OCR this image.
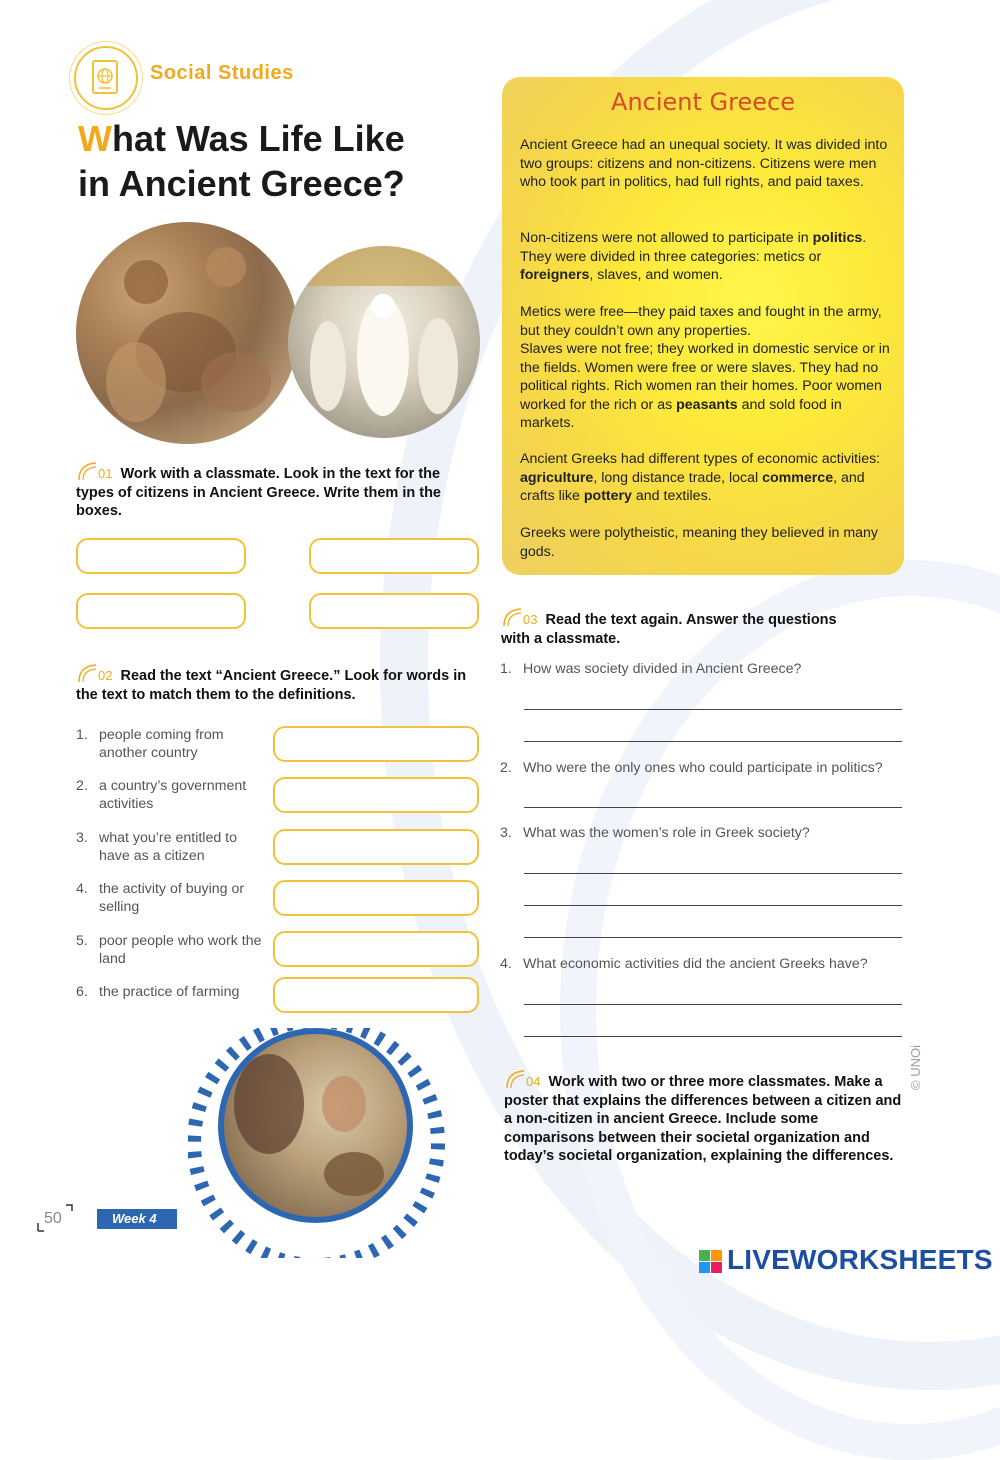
Social Studies
What Was Life Like
in Ancient Greece?
Ancient Greece
Ancient Greece had an unequal society. It was divided into two groups: citizens and non-citizens. Citizens were men who took part in politics, had full rights, and paid taxes.
Non-citizens were not allowed to participate in politics. They were divided in three categories: metics or foreigners, slaves, and women.
Metics were free—they paid taxes and fought in the army, but they couldn’t own any properties.
Slaves were not free; they worked in domestic service or in the fields. Women were free or were slaves. They had no political rights. Rich women ran their homes. Poor women worked for the rich or as peasants and sold food in markets.
Ancient Greeks had different types of economic activities: agriculture, long distance trade, local commerce, and crafts like pottery and textiles.
Greeks were polytheistic, meaning they believed in many gods.
01 Work with a classmate. Look in the text for the types of citizens in Ancient Greece. Write them in the boxes.
02 Read the text “Ancient Greece.” Look for words in the text to match them to the definitions.
1. people coming from another country
2. a country’s government activities
3. what you’re entitled to have as a citizen
4. the activity of buying or selling
5. poor people who work the land
6. the practice of farming
03 Read the text again. Answer the questions with a classmate.
1. How was society divided in Ancient Greece?
2. Who were the only ones who could participate in politics?
3. What was the women’s role in Greek society?
4. What economic activities did the ancient Greeks have?
04 Work with two or three more classmates. Make a poster that explains the differences between a citizen and a non-citizen in ancient Greece. Include some comparisons between their societal organization and today’s societal organization, explaining the differences.
50	Week 4
© UNOi
LIVEWORKSHEETS
